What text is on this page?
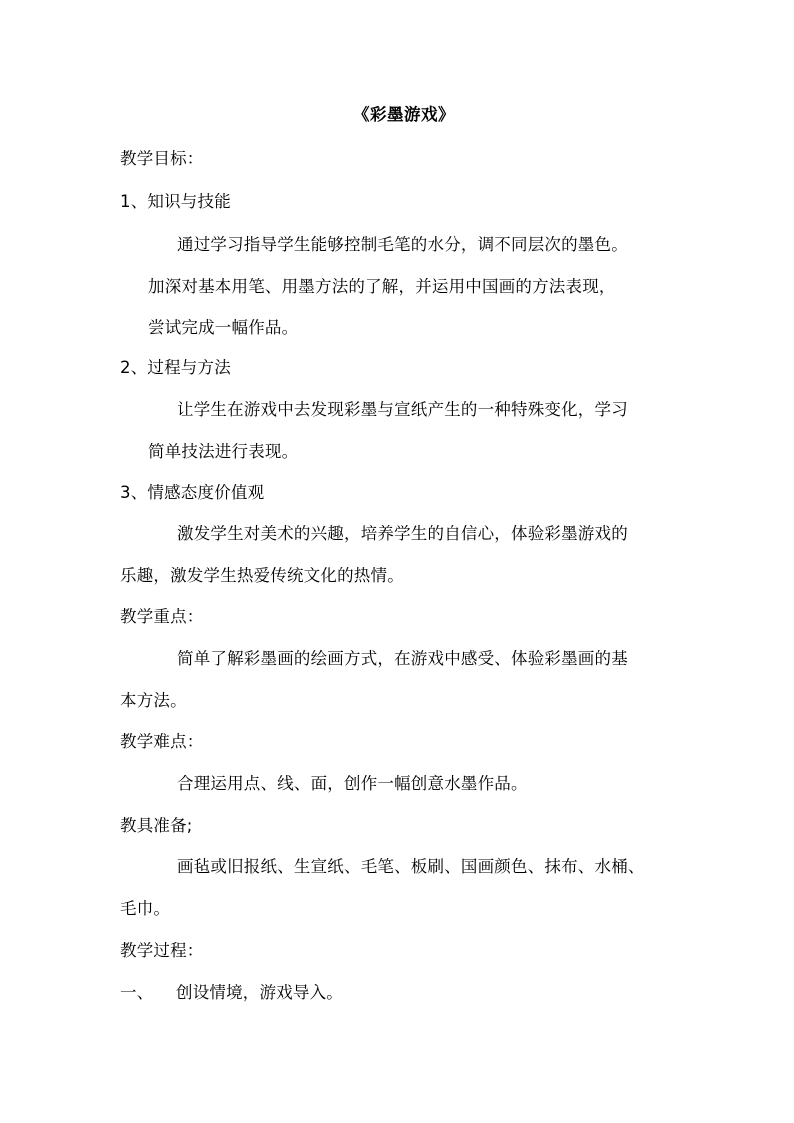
《彩墨游戏》
教学目标：
1、知识与技能
通过学习指导学生能够控制毛笔的水分，调不同层次的墨色。
加深对基本用笔、用墨方法的了解，并运用中国画的方法表现，
尝试完成一幅作品。
2、过程与方法
让学生在游戏中去发现彩墨与宣纸产生的一种特殊变化，学习
简单技法进行表现。
3、情感态度价值观
激发学生对美术的兴趣，培养学生的自信心，体验彩墨游戏的
乐趣，激发学生热爱传统文化的热情。
教学重点：
简单了解彩墨画的绘画方式，在游戏中感受、体验彩墨画的基
本方法。
教学难点：
合理运用点、线、面，创作一幅创意水墨作品。
教具准备;
画毡或旧报纸、生宣纸、毛笔、板刷、国画颜色、抹布、水桶、
毛巾。
教学过程：
一、 创设情境，游戏导入。
